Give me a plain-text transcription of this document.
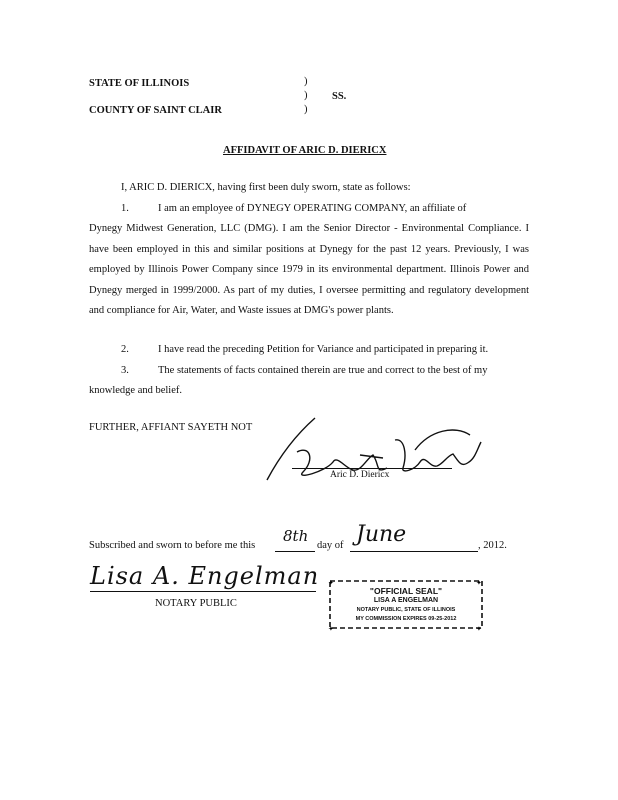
STATE OF ILLINOIS
COUNTY OF SAINT CLAIR
)
)
)
SS.
AFFIDAVIT OF ARIC D. DIERICX
I, ARIC D. DIERICX, having first been duly sworn, state as follows:
1.	I am an employee of DYNEGY OPERATING COMPANY, an affiliate of
Dynegy Midwest Generation, LLC (DMG). I am the Senior Director - Environmental Compliance. I have been employed in this and similar positions at Dynegy for the past 12 years. Previously, I was employed by Illinois Power Company since 1979 in its environmental department. Illinois Power and Dynegy merged in 1999/2000. As part of my duties, I oversee permitting and regulatory development and compliance for Air, Water, and Waste issues at DMG's power plants.
2.	I have read the preceding Petition for Variance and participated in preparing it.
3.	The statements of facts contained therein are true and correct to the best of my
knowledge and belief.
FURTHER, AFFIANT SAYETH NOT
Aric D. Diericx
Subscribed and sworn to before me this
8th
day of June	, 2012.
Lisa A. Engelman
NOTARY PUBLIC
✦	✦
✦	✦
"OFFICIAL SEAL"
LISA A ENGELMAN
NOTARY PUBLIC, STATE OF ILLINOIS
MY COMMISSION EXPIRES 09-25-2012
